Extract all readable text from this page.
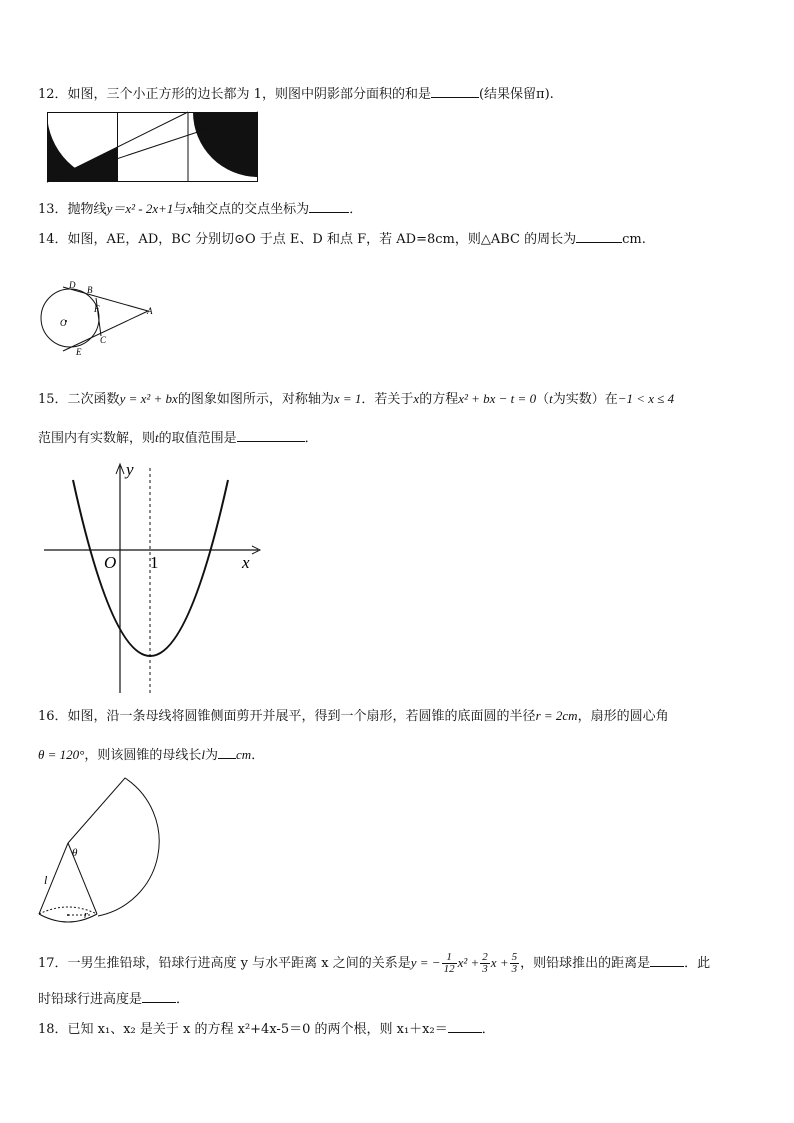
12．如图，三个小正方形的边长都为 1，则图中阴影部分面积的和是	(结果保留π).
13．抛物线y＝x² - 2x+1与x轴交点的交点坐标为	．
14．如图，AE，AD，BC 分别切⊙O 于点 E、D 和点 F，若 AD=8cm，则△ABC 的周长为	cm.
D B
F
O
A
C
E
15．二次函数y = x² + bx的图象如图所示，对称轴为x = 1．若关于x的方程x² + bx − t = 0（t为实数）在−1 < x ≤ 4
范围内有实数解，则t的取值范围是	．
y
x
O 1
16．如图，沿一条母线将圆锥侧面剪开并展平，得到一个扇形，若圆锥的底面圆的半径r = 2cm，扇形的圆心角
θ = 120°，则该圆锥的母线长l为 cm．
θ
l
r
17．一男生推铅球，铅球行进高度 y 与水平距离 x 之间的关系是y = − $\frac{1}{12} x^2 + \frac{2}{3}$ $x + \frac{5}{3}$ ，则铅球推出的距离是	．此
时铅球行进高度是	．
18．已知 x₁、x₂ 是关于 x 的方程 x²+4x-5＝0 的两个根，则 x₁＋x₂＝	．
